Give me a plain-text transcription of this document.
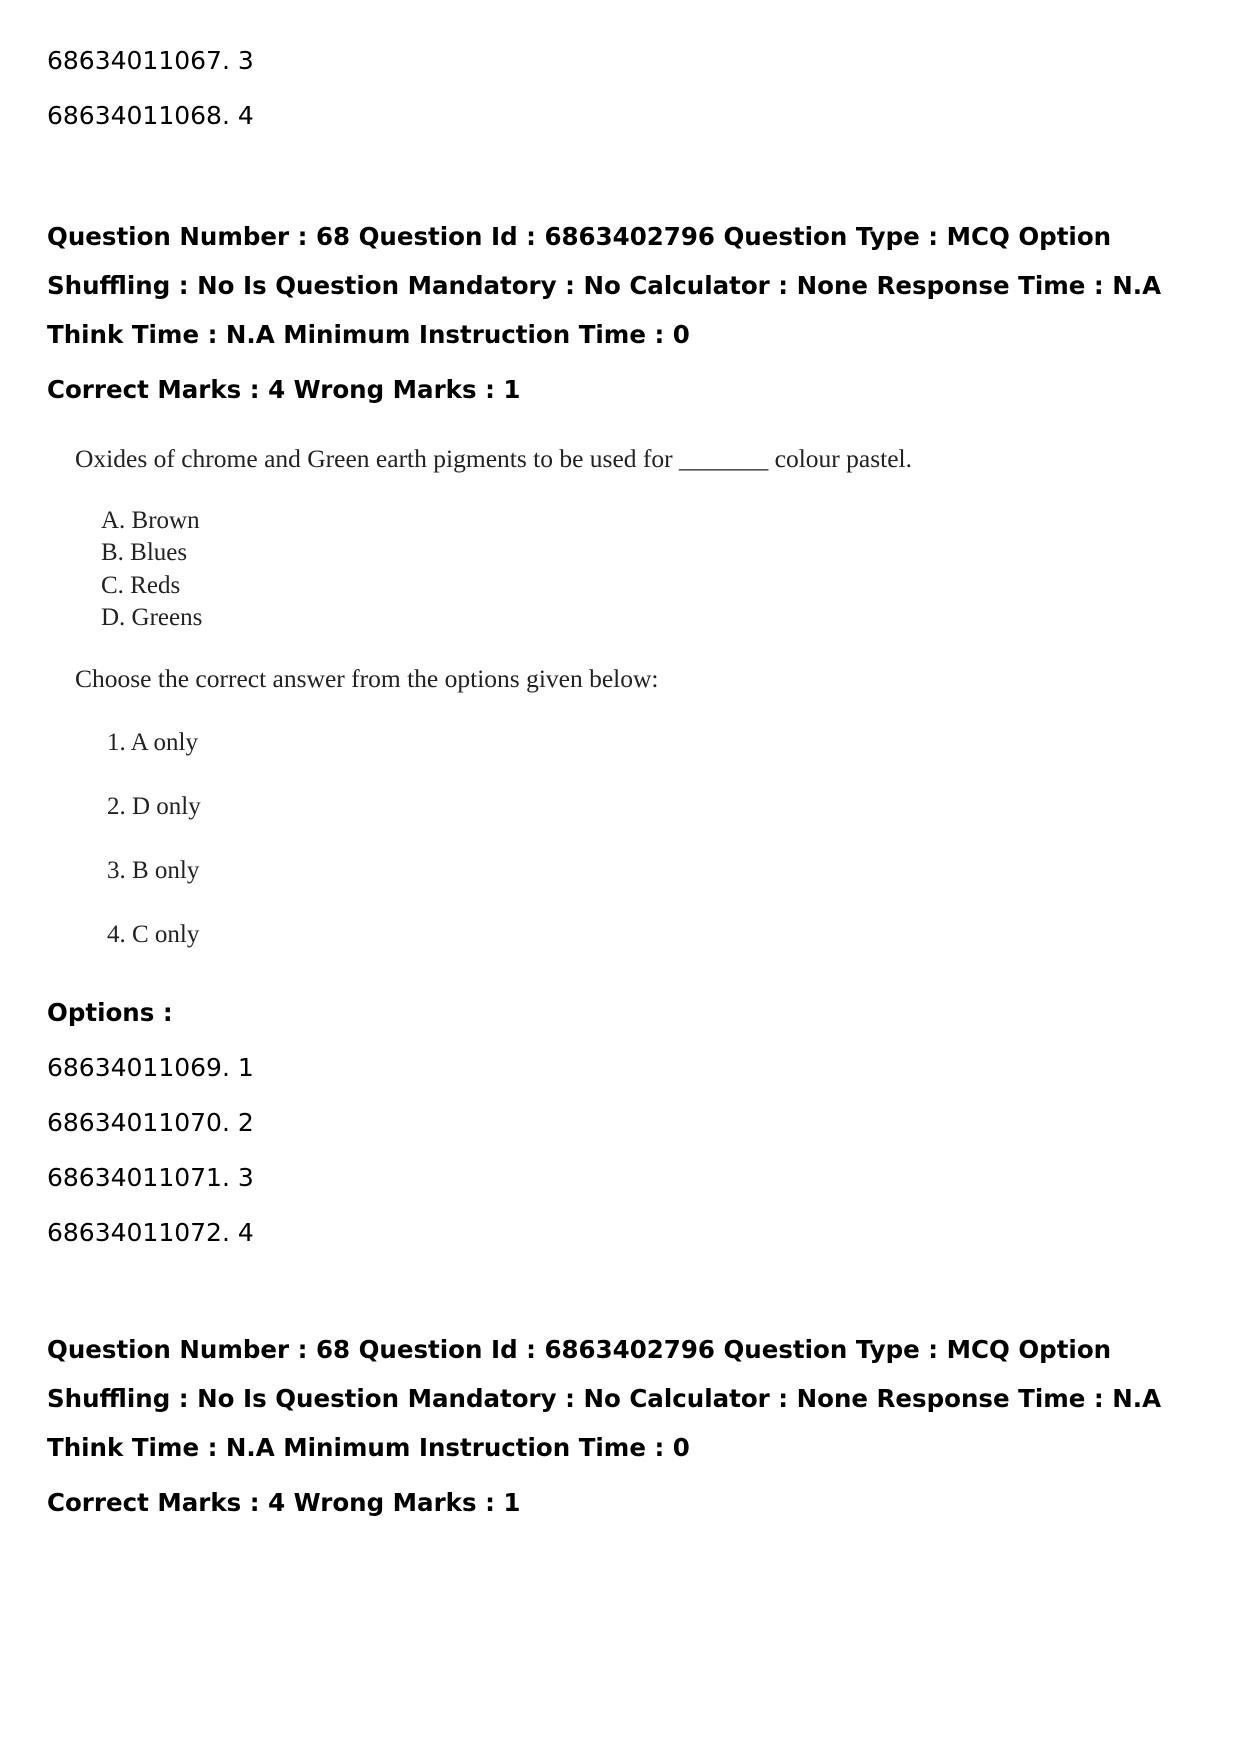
68634011067. 3
68634011068. 4
Question Number : 68 Question Id : 6863402796 Question Type : MCQ Option Shuffling : No Is Question Mandatory : No Calculator : None Response Time : N.A Think Time : N.A Minimum Instruction Time : 0
Correct Marks : 4 Wrong Marks : 1
Oxides of chrome and Green earth pigments to be used for _______ colour pastel.
A. Brown
B. Blues
C. Reds
D. Greens
Choose the correct answer from the options given below:
1. A only
2. D only
3. B only
4. C only
Options :
68634011069. 1
68634011070. 2
68634011071. 3
68634011072. 4
Question Number : 68 Question Id : 6863402796 Question Type : MCQ Option Shuffling : No Is Question Mandatory : No Calculator : None Response Time : N.A Think Time : N.A Minimum Instruction Time : 0
Correct Marks : 4 Wrong Marks : 1
